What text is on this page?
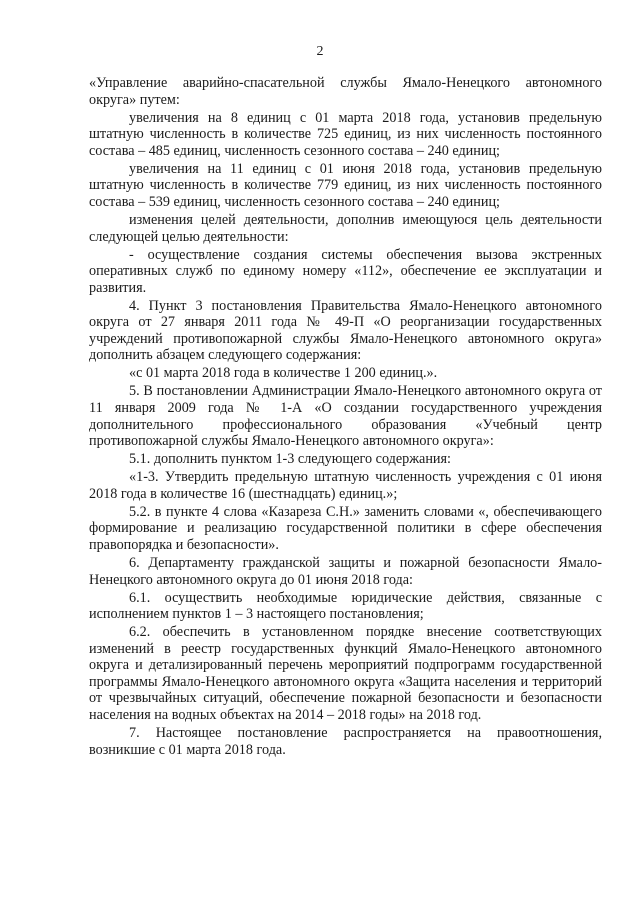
2

«Управление аварийно-спасательной службы Ямало-Ненецкого автономного округа» путем:

увеличения на 8 единиц с 01 марта 2018 года, установив предельную штатную численность в количестве 725 единиц, из них численность постоянного состава – 485 единиц, численность сезонного состава – 240 единиц;

увеличения на 11 единиц с 01 июня 2018 года, установив предельную штатную численность в количестве 779 единиц, из них численность постоянного состава – 539 единиц, численность сезонного состава – 240 единиц;

изменения целей деятельности, дополнив имеющуюся цель деятельности следующей целью деятельности:

- осуществление создания системы обеспечения вызова экстренных оперативных служб по единому номеру «112», обеспечение ее эксплуатации и развития.

4. Пункт 3 постановления Правительства Ямало-Ненецкого автономного округа от 27 января 2011 года № 49-П «О реорганизации государственных учреждений противопожарной службы Ямало-Ненецкого автономного округа» дополнить абзацем следующего содержания:

«с 01 марта 2018 года в количестве 1 200 единиц.».

5. В постановлении Администрации Ямало-Ненецкого автономного округа от 11 января 2009 года № 1-А «О создании государственного учреждения дополнительного профессионального образования «Учебный центр противопожарной службы Ямало-Ненецкого автономного округа»:

5.1. дополнить пунктом 1-3 следующего содержания:

«1-3. Утвердить предельную штатную численность учреждения с 01 июня 2018 года в количестве 16 (шестнадцать) единиц.»;

5.2. в пункте 4 слова «Казареза С.Н.» заменить словами «, обеспечивающего формирование и реализацию государственной политики в сфере обеспечения правопорядка и безопасности».

6. Департаменту гражданской защиты и пожарной безопасности Ямало-Ненецкого автономного округа до 01 июня 2018 года:

6.1. осуществить необходимые юридические действия, связанные с исполнением пунктов 1 – 3 настоящего постановления;

6.2. обеспечить в установленном порядке внесение соответствующих изменений в реестр государственных функций Ямало-Ненецкого автономного округа и детализированный перечень мероприятий подпрограмм государственной программы Ямало-Ненецкого автономного округа «Защита населения и территорий от чрезвычайных ситуаций, обеспечение пожарной безопасности и безопасности населения на водных объектах на 2014 – 2018 годы» на 2018 год.

7. Настоящее постановление распространяется на правоотношения, возникшие с 01 марта 2018 года.
